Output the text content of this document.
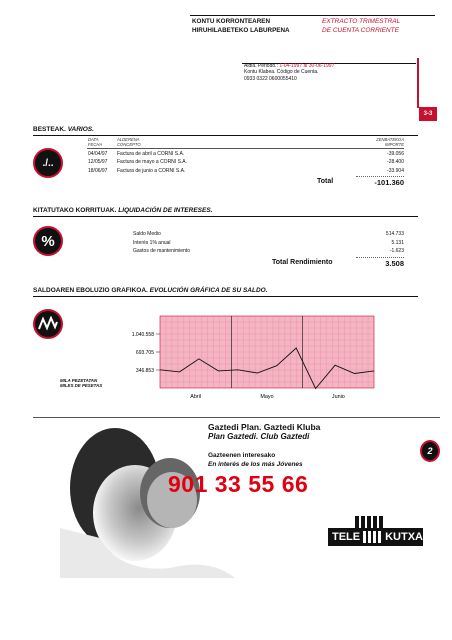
KONTU KORRONTEAREN
HIRUHILABETEKO LABURPENA
EXTRACTO TRIMESTRAL
DE CUENTA CORRIENTE
Aldia. Periodo.: 1-04-1997 al 30-06-1997
Kontu Klabea. Código de Cuenta.
0933 0322 0600055410
3-3
BESTEAK. VARIOS.
./..
DATA
FECHA
ALDERENA
CONCEPTO
ZENBATEKOA
IMPORTE
04/04/97 Factura de abril a CORNI S.A.	-39.056
12/05/97 Factura de mayo a CORNI S.A.	-28.400
18/06/97 Factura de junio a CORNI S.A.	-33.904
Total	-101.360
KITATUTAKO KORRITUAK. LIQUIDACIÓN DE INTERESES.
%	Saldo Medio	514.733
Interés 1% anual	5.131
Gastos de mantenimiento	-1.623
Total Rendimiento	3.508
SALDOAREN EBOLUZIO GRAFIKOA. EVOLUCIÓN GRÁFICA DE SU SALDO.
1.040.558
693.705
346.853
Abril	Mayo	Junio
MILA PEZETATAN
MILES DE PESETAS
Gaztedi Plan. Gaztedi Kluba
Plan Gaztedi. Club Gaztedi
Gazteenen interesako
En interés de los más Jóvenes
901 33 55 66
2
TELE KUTXA
